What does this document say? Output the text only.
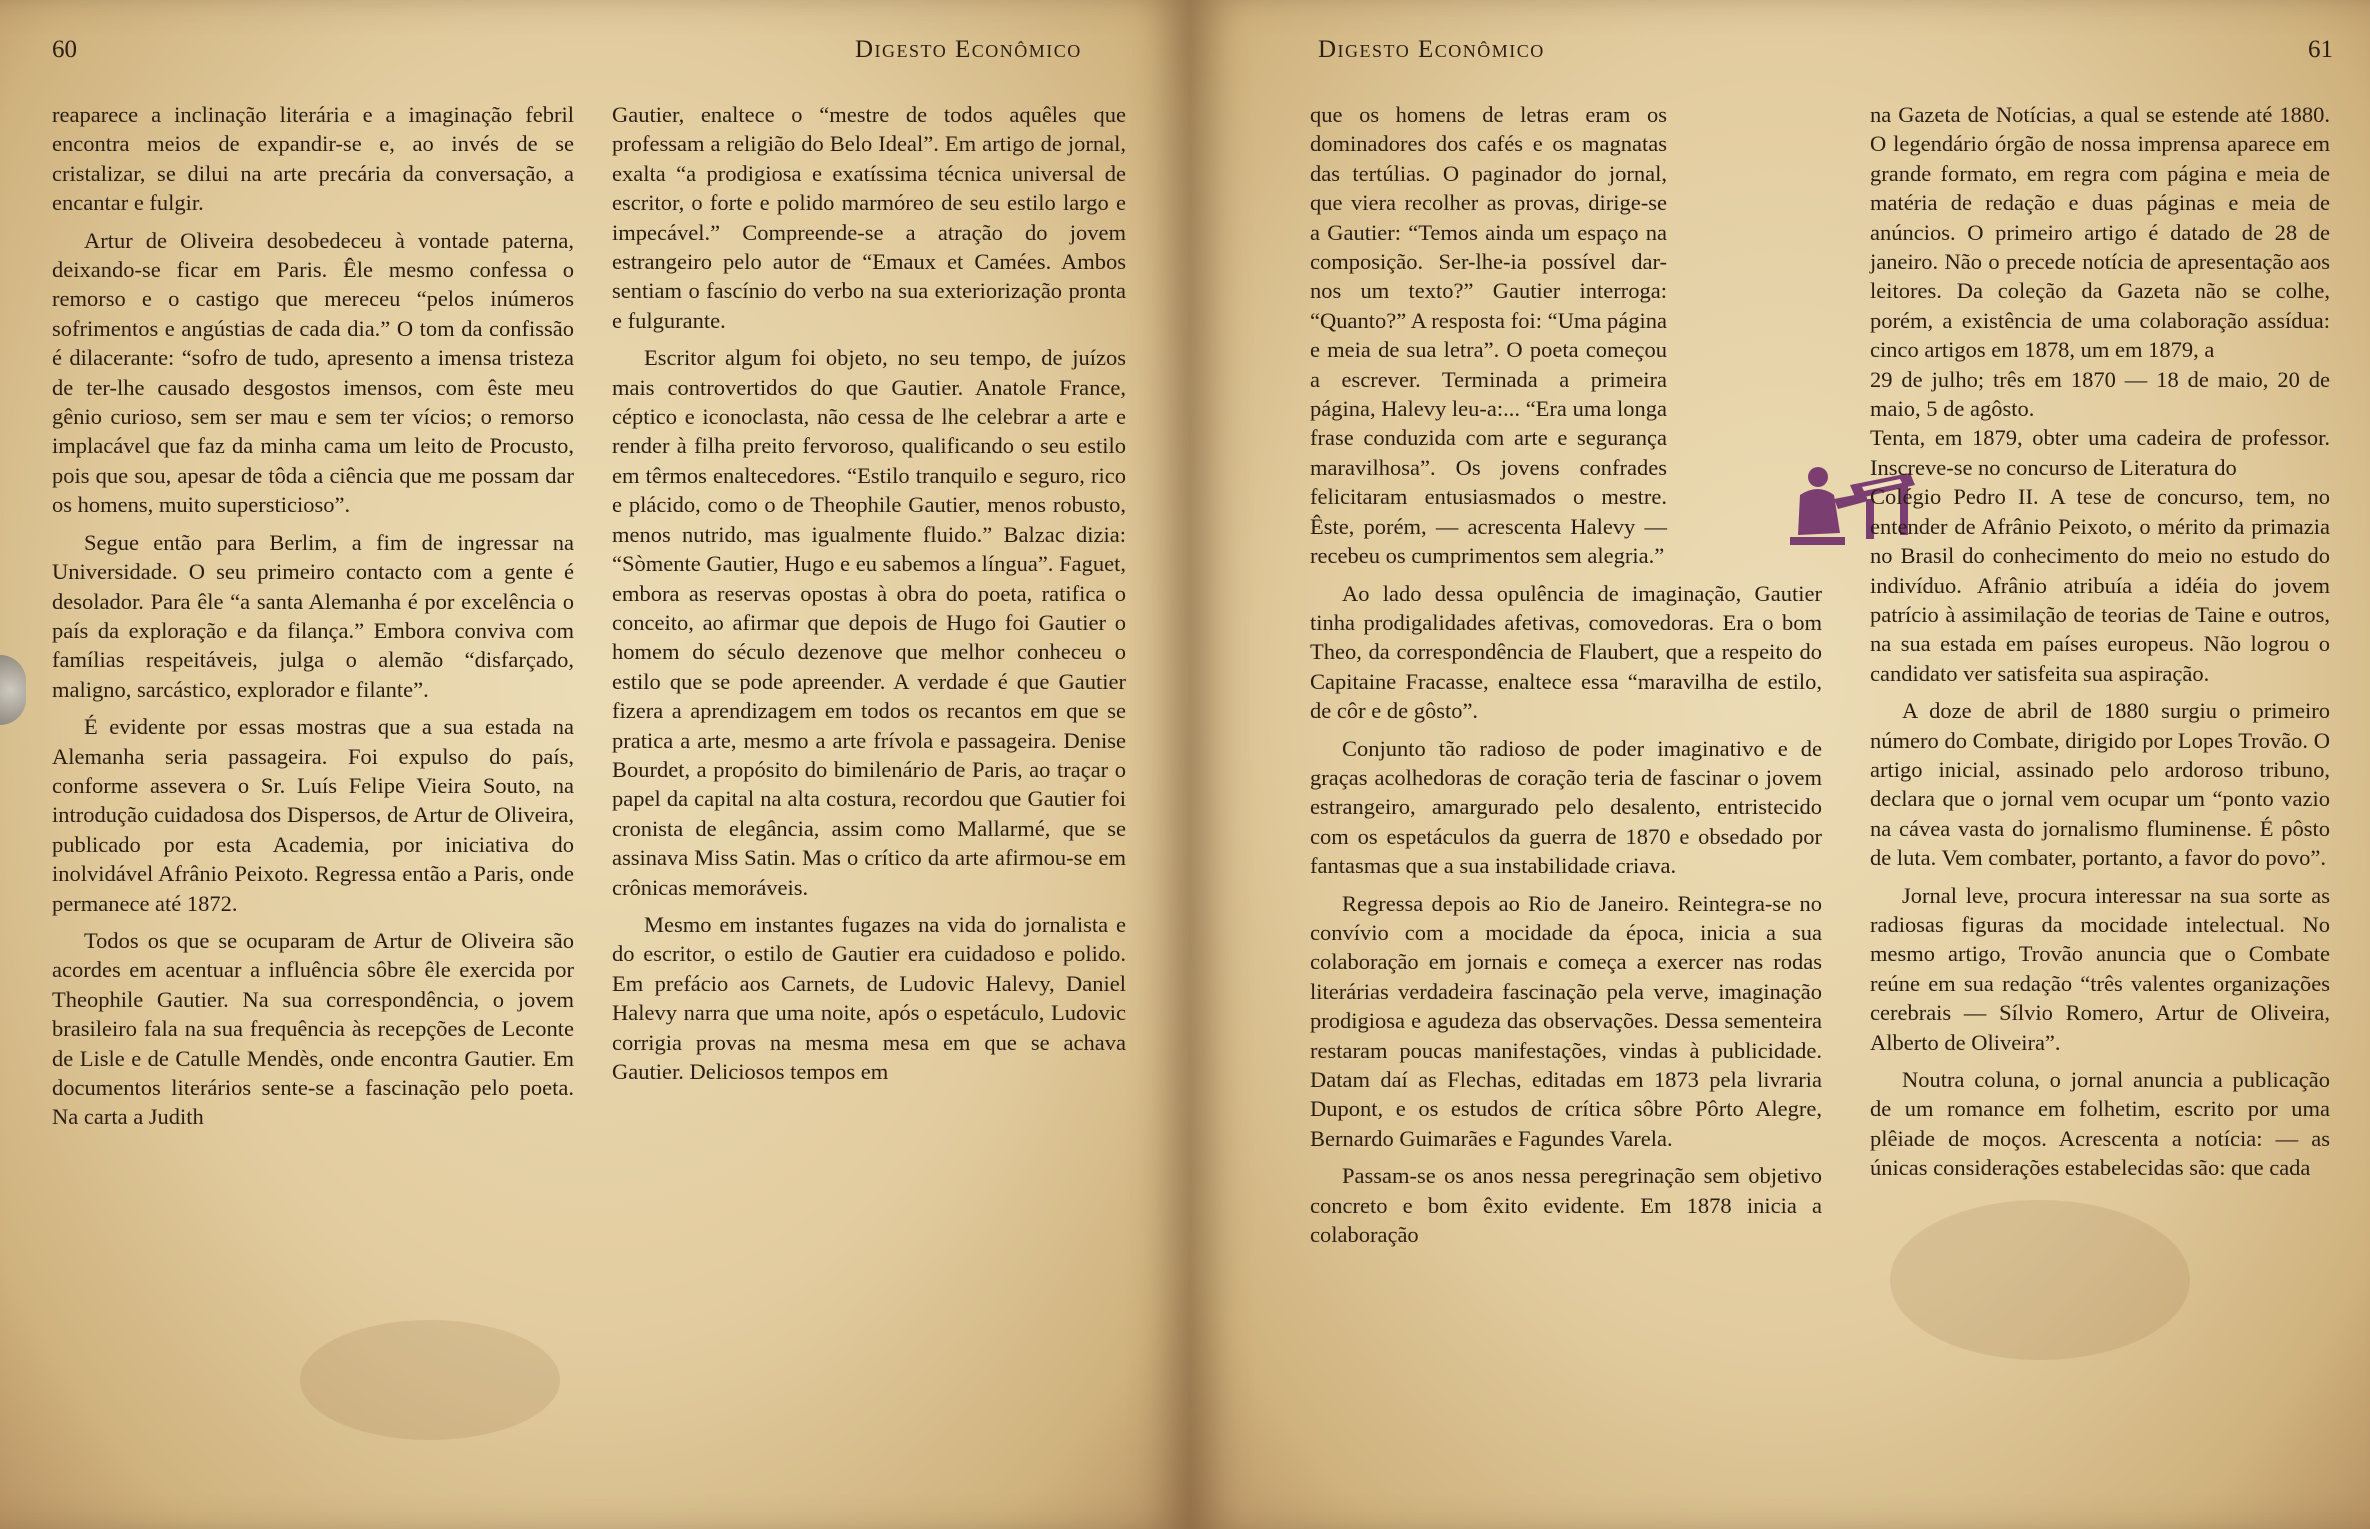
60	Digesto Econômico

reaparece a inclinação literária e a imaginação febril encontra meios de expandir-se e, ao invés de se cristalizar, se dilui na arte precária da conversação, a encantar e fulgir.

Artur de Oliveira desobedeceu à vontade paterna, deixando-se ficar em Paris. Êle mesmo confessa o remorso e o castigo que mereceu “pelos inúmeros sofrimentos e angústias de cada dia.” O tom da confissão é dilacerante: “sofro de tudo, apresento a imensa tristeza de ter-lhe causado desgostos imensos, com êste meu gênio curioso, sem ser mau e sem ter vícios; o remorso implacável que faz da minha cama um leito de Procusto, pois que sou, apesar de tôda a ciência que me possam dar os homens, muito supersticioso”.

Segue então para Berlim, a fim de ingressar na Universidade. O seu primeiro contacto com a gente é desolador. Para êle “a santa Alemanha é por excelência o país da exploração e da filança.” Embora conviva com famílias respeitáveis, julga o alemão “disfarçado, maligno, sarcástico, explorador e filante”.

É evidente por essas mostras que a sua estada na Alemanha seria passageira. Foi expulso do país, conforme assevera o Sr. Luís Felipe Vieira Souto, na introdução cuidadosa dos Dispersos, de Artur de Oliveira, publicado por esta Academia, por iniciativa do inolvidável Afrânio Peixoto. Regressa então a Paris, onde permanece até 1872.

Todos os que se ocuparam de Artur de Oliveira são acordes em acentuar a influência sôbre êle exercida por Theophile Gautier. Na sua correspondência, o jovem brasileiro fala na sua frequência às recepções de Leconte de Lisle e de Catulle Mendès, onde encontra Gautier. Em documentos literários sente-se a fascinação pelo poeta. Na carta a Judith

Gautier, enaltece o “mestre de todos aquêles que professam a religião do Belo Ideal”. Em artigo de jornal, exalta “a prodigiosa e exatíssima técnica universal de escritor, o forte e polido marmóreo de seu estilo largo e impecável.” Compreende-se a atração do jovem estrangeiro pelo autor de “Emaux et Camées. Ambos sentiam o fascínio do verbo na sua exteriorização pronta e fulgurante.

Escritor algum foi objeto, no seu tempo, de juízos mais controvertidos do que Gautier. Anatole France, céptico e iconoclasta, não cessa de lhe celebrar a arte e render à filha preito fervoroso, qualificando o seu estilo em têrmos enaltecedores. “Estilo tranquilo e seguro, rico e plácido, como o de Theophile Gautier, menos robusto, menos nutrido, mas igualmente fluido.” Balzac dizia: “Sòmente Gautier, Hugo e eu sabemos a língua”. Faguet, embora as reservas opostas à obra do poeta, ratifica o conceito, ao afirmar que depois de Hugo foi Gautier o homem do século dezenove que melhor conheceu o estilo que se pode apreender. A verdade é que Gautier fizera a aprendizagem em todos os recantos em que se pratica a arte, mesmo a arte frívola e passageira. Denise Bourdet, a propósito do bimilenário de Paris, ao traçar o papel da capital na alta costura, recordou que Gautier foi cronista de elegância, assim como Mallarmé, que se assinava Miss Satin. Mas o crítico da arte afirmou-se em crônicas memoráveis.

Mesmo em instantes fugazes na vida do jornalista e do escritor, o estilo de Gautier era cuidadoso e polido. Em prefácio aos Carnets, de Ludovic Halevy, Daniel Halevy narra que uma noite, após o espetáculo, Ludovic corrigia provas na mesma mesa em que se achava Gautier. Deliciosos tempos em

Digesto Econômico	61

que os homens de letras eram os dominadores dos cafés e os magnatas das tertúlias. O paginador do jornal, que viera recolher as provas, dirige-se a Gautier: “Temos ainda um espaço na composição. Ser-lhe-ia possível dar-nos um texto?” Gautier interroga: “Quanto?” A resposta foi: “Uma página e meia de sua letra”. O poeta começou a escrever. Terminada a primeira página, Halevy leu-a:... “Era uma longa frase conduzida com arte e segurança maravilhosa”. Os jovens confrades felicitaram entusiasmados o mestre. Êste, porém, — acrescenta Halevy — recebeu os cumprimentos sem alegria.”

Ao lado dessa opulência de imaginação, Gautier tinha prodigalidades afetivas, comovedoras. Era o bom Theo, da correspondência de Flaubert, que a respeito do Capitaine Fracasse, enaltece essa “maravilha de estilo, de côr e de gôsto”.

Conjunto tão radioso de poder imaginativo e de graças acolhedoras de coração teria de fascinar o jovem estrangeiro, amargurado pelo desalento, entristecido com os espetáculos da guerra de 1870 e obsedado por fantasmas que a sua instabilidade criava.

Regressa depois ao Rio de Janeiro. Reintegra-se no convívio com a mocidade da época, inicia a sua colaboração em jornais e começa a exercer nas rodas literárias verdadeira fascinação pela verve, imaginação prodigiosa e agudeza das observações. Dessa sementeira restaram poucas manifestações, vindas à publicidade. Datam daí as Flechas, editadas em 1873 pela livraria Dupont, e os estudos de crítica sôbre Pôrto Alegre, Bernardo Guimarães e Fagundes Varela.

Passam-se os anos nessa peregrinação sem objetivo concreto e bom êxito evidente. Em 1878 inicia a colaboração

na Gazeta de Notícias, a qual se estende até 1880. O legendário órgão de nossa imprensa aparece em grande formato, em regra com página e meia de matéria de redação e duas páginas e meia de anúncios. O primeiro artigo é datado de 28 de janeiro. Não o precede notícia de apresentação aos leitores. Da coleção da Gazeta não se colhe, porém, a existência de uma colaboração assídua: cinco artigos em 1878, um em 1879, a

29 de julho; três em 1870 — 18 de maio, 20 de maio, 5 de agôsto.

Tenta, em 1879, obter uma cadeira de professor. Inscreve-se no concurso de Literatura do

Colégio Pedro II. A tese de concurso, tem, no entender de Afrânio Peixoto, o mérito da primazia no Brasil do conhecimento do meio no estudo do indivíduo. Afrânio atribuía a idéia do jovem patrício à assimilação de teorias de Taine e outros, na sua estada em países europeus. Não logrou o candidato ver satisfeita sua aspiração.

A doze de abril de 1880 surgiu o primeiro número do Combate, dirigido por Lopes Trovão. O artigo inicial, assinado pelo ardoroso tribuno, declara que o jornal vem ocupar um “ponto vazio na cávea vasta do jornalismo fluminense. É pôsto de luta. Vem combater, portanto, a favor do povo”.

Jornal leve, procura interessar na sua sorte as radiosas figuras da mocidade intelectual. No mesmo artigo, Trovão anuncia que o Combate reúne em sua redação “três valentes organizações cerebrais — Sílvio Romero, Artur de Oliveira, Alberto de Oliveira”.

Noutra coluna, o jornal anuncia a publicação de um romance em folhetim, escrito por uma plêiade de moços. Acrescenta a notícia: — as únicas considerações estabelecidas são: que cada
